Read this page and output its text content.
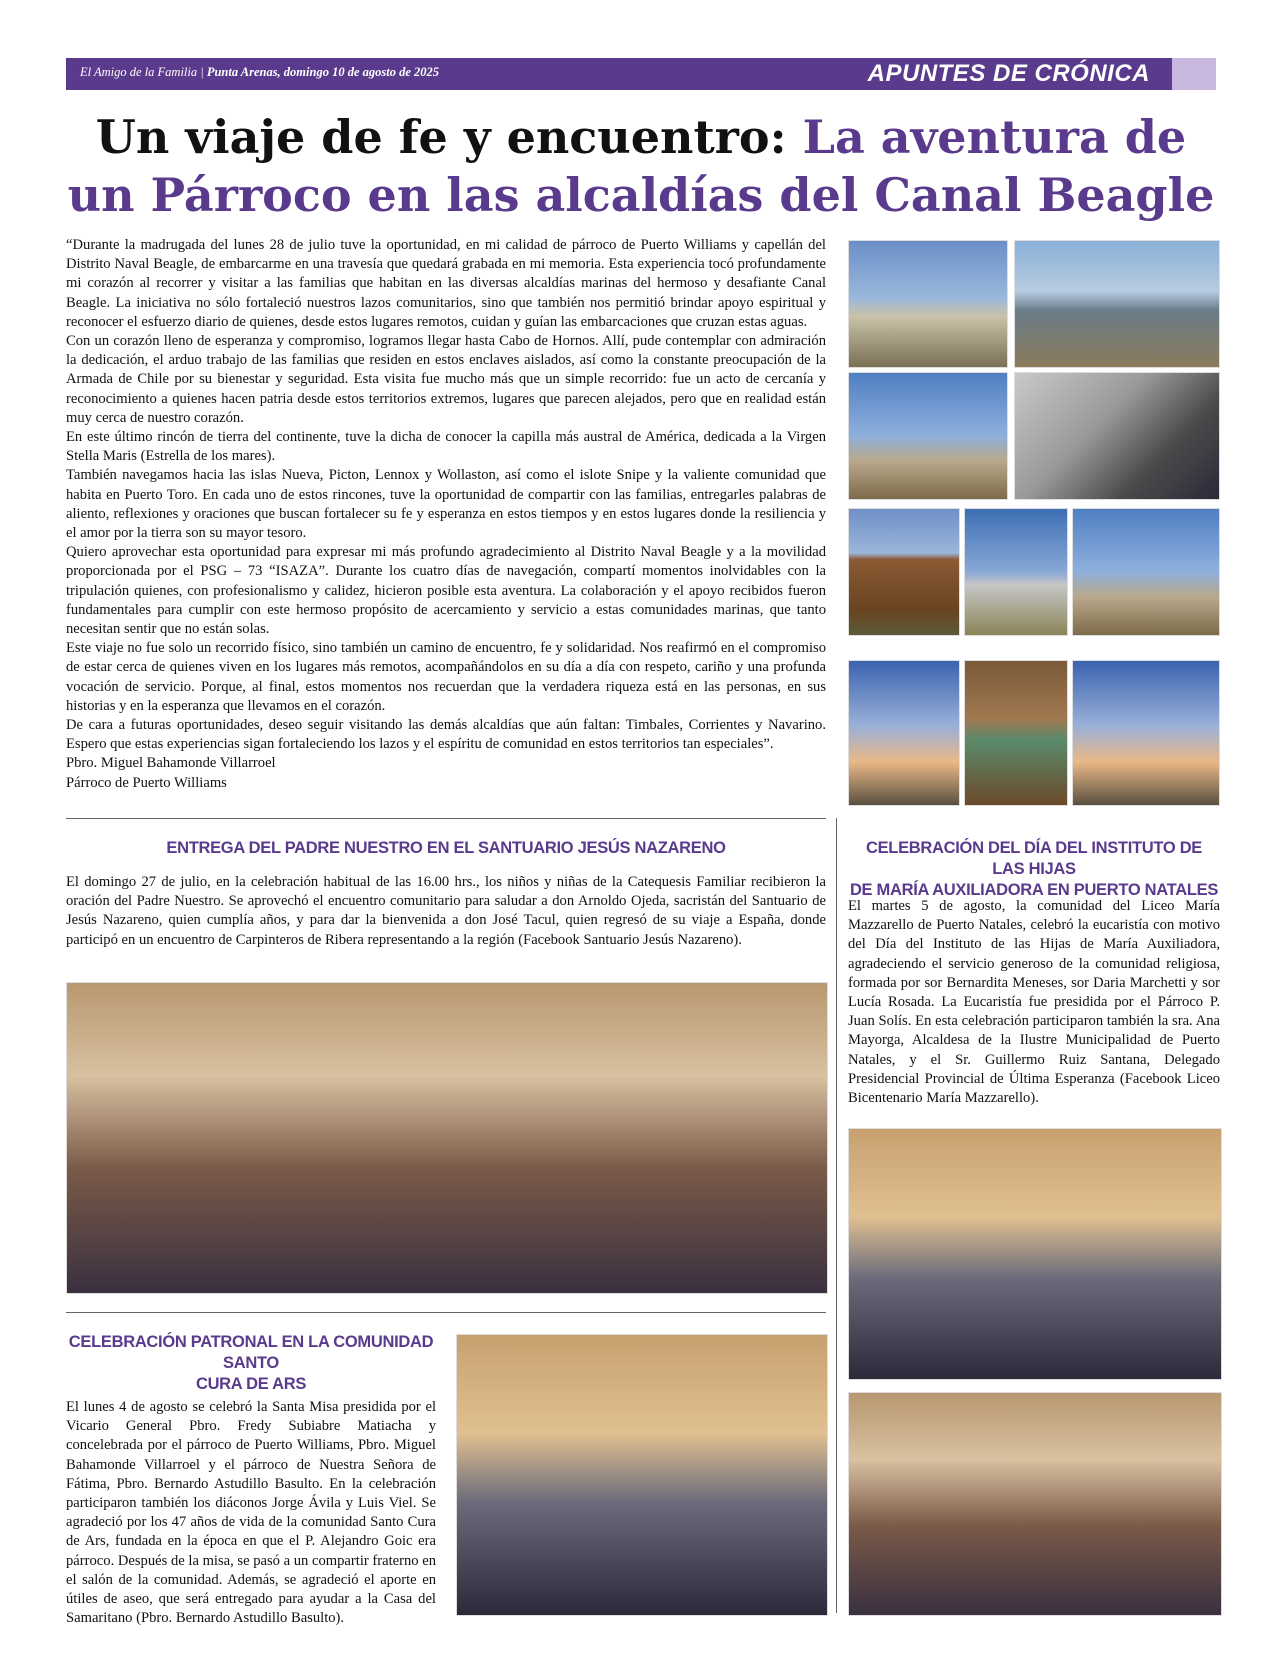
El Amigo de la Familia | Punta Arenas, domingo 10 de agosto de 2025	APUNTES DE CRÓNICA
Un viaje de fe y encuentro: La aventura de un Párroco en las alcaldías del Canal Beagle

“Durante la madrugada del lunes 28 de julio tuve la oportunidad, en mi calidad de párroco de Puerto Williams y capellán del Distrito Naval Beagle, de embarcarme en una travesía que quedará grabada en mi memoria. Esta experiencia tocó profundamente mi corazón al recorrer y visitar a las familias que habitan en las diversas alcaldías marinas del hermoso y desafiante Canal Beagle. La iniciativa no sólo fortaleció nuestros lazos comunitarios, sino que también nos permitió brindar apoyo espiritual y reconocer el esfuerzo diario de quienes, desde estos lugares remotos, cuidan y guían las embarcaciones que cruzan estas aguas.

Con un corazón lleno de esperanza y compromiso, logramos llegar hasta Cabo de Hornos. Allí, pude contemplar con admiración la dedicación, el arduo trabajo de las familias que residen en estos enclaves aislados, así como la constante preocupación de la Armada de Chile por su bienestar y seguridad. Esta visita fue mucho más que un simple recorrido: fue un acto de cercanía y reconocimiento a quienes hacen patria desde estos territorios extremos, lugares que parecen alejados, pero que en realidad están muy cerca de nuestro corazón.

En este último rincón de tierra del continente, tuve la dicha de conocer la capilla más austral de América, dedicada a la Virgen Stella Maris (Estrella de los mares).

También navegamos hacia las islas Nueva, Picton, Lennox y Wollaston, así como el islote Snipe y la valiente comunidad que habita en Puerto Toro. En cada uno de estos rincones, tuve la oportunidad de compartir con las familias, entregarles palabras de aliento, reflexiones y oraciones que buscan fortalecer su fe y esperanza en estos tiempos y en estos lugares donde la resiliencia y el amor por la tierra son su mayor tesoro.

Quiero aprovechar esta oportunidad para expresar mi más profundo agradecimiento al Distrito Naval Beagle y a la movilidad proporcionada por el PSG – 73 “ISAZA”. Durante los cuatro días de navegación, compartí momentos inolvidables con la tripulación quienes, con profesionalismo y calidez, hicieron posible esta aventura. La colaboración y el apoyo recibidos fueron fundamentales para cumplir con este hermoso propósito de acercamiento y servicio a estas comunidades marinas, que tanto necesitan sentir que no están solas.

Este viaje no fue solo un recorrido físico, sino también un camino de encuentro, fe y solidaridad. Nos reafirmó en el compromiso de estar cerca de quienes viven en los lugares más remotos, acompañándolos en su día a día con respeto, cariño y una profunda vocación de servicio. Porque, al final, estos momentos nos recuerdan que la verdadera riqueza está en las personas, en sus historias y en la esperanza que llevamos en el corazón.

De cara a futuras oportunidades, deseo seguir visitando las demás alcaldías que aún faltan: Timbales, Corrientes y Navarino. Espero que estas experiencias sigan fortaleciendo los lazos y el espíritu de comunidad en estos territorios tan especiales”.

Pbro. Miguel Bahamonde Villarroel

Párroco de Puerto Williams

ENTREGA DEL PADRE NUESTRO EN EL SANTUARIO JESÚS NAZARENO

El domingo 27 de julio, en la celebración habitual de las 16.00 hrs., los niños y niñas de la Catequesis Familiar recibieron la oración del Padre Nuestro. Se aprovechó el encuentro comunitario para saludar a don Arnoldo Ojeda, sacristán del Santuario de Jesús Nazareno, quien cumplía años, y para dar la bienvenida a don José Tacul, quien regresó de su viaje a España, donde participó en un encuentro de Carpinteros de Ribera representando a la región (Facebook Santuario Jesús Nazareno).

CELEBRACIÓN PATRONAL EN LA COMUNIDAD SANTO
CURA DE ARS

El lunes 4 de agosto se celebró la Santa Misa presidida por el Vicario General Pbro. Fredy Subiabre Matiacha y concelebrada por el párroco de Puerto Williams, Pbro. Miguel Bahamonde Villarroel y el párroco de Nuestra Señora de Fátima, Pbro. Bernardo Astudillo Basulto. En la celebración participaron también los diáconos Jorge Ávila y Luis Viel. Se agradeció por los 47 años de vida de la comunidad Santo Cura de Ars, fundada en la época en que el P. Alejandro Goic era párroco. Después de la misa, se pasó a un compartir fraterno en el salón de la comunidad. Además, se agradeció el aporte en útiles de aseo, que será entregado para ayudar a la Casa del Samaritano (Pbro. Bernardo Astudillo Basulto).

CELEBRACIÓN DEL DÍA DEL INSTITUTO DE LAS HIJAS
DE MARÍA AUXILIADORA EN PUERTO NATALES

El martes 5 de agosto, la comunidad del Liceo María Mazzarello de Puerto Natales, celebró la eucaristía con motivo del Día del Instituto de las Hijas de María Auxiliadora, agradeciendo el servicio generoso de la comunidad religiosa, formada por sor Bernardita Meneses, sor Daria Marchetti y sor Lucía Rosada. La Eucaristía fue presidida por el Párroco P. Juan Solís. En esta celebración participaron también la sra. Ana Mayorga, Alcaldesa de la Ilustre Municipalidad de Puerto Natales, y el Sr. Guillermo Ruiz Santana, Delegado Presidencial Provincial de Última Esperanza (Facebook Liceo Bicentenario María Mazzarello).
